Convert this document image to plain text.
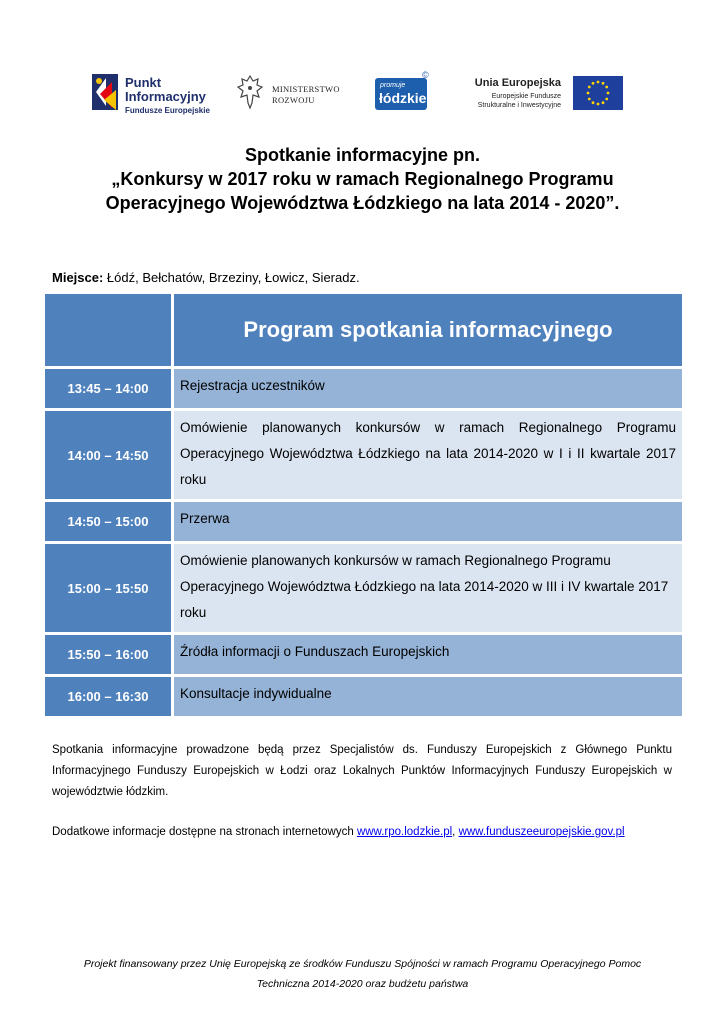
Punkt
Informacyjny
Fundusze Europejskie
MINISTERSTWO
ROZWOJU
promuje
łódzkie
©
Unia Europejska
Europejskie Fundusze
Strukturalne i Inwestycyjne
Spotkanie informacyjne pn.
„Konkursy w 2017 roku w ramach Regionalnego Programu
Operacyjnego Województwa Łódzkiego na lata 2014 - 2020”.
Miejsce: Łódź, Bełchatów, Brzeziny, Łowicz, Sieradz.
	Program spotkania informacyjnego
13:45 – 14:00	Rejestracja uczestników
14:00 – 14:50	Omówienie planowanych konkursów w ramach Regionalnego Programu Operacyjnego Województwa Łódzkiego na lata 2014-2020 w I i II kwartale 2017 roku
14:50 – 15:00	Przerwa
15:00 – 15:50	Omówienie planowanych konkursów w ramach Regionalnego Programu Operacyjnego Województwa Łódzkiego na lata 2014-2020 w III i IV kwartale 2017 roku
15:50 – 16:00	Źródła informacji o Funduszach Europejskich
16:00 – 16:30	Konsultacje indywidualne
Spotkania informacyjne prowadzone będą przez Specjalistów ds. Funduszy Europejskich z Głównego Punktu Informacyjnego Funduszy Europejskich w Łodzi oraz Lokalnych Punktów Informacyjnych Funduszy Europejskich w województwie łódzkim.
Dodatkowe informacje dostępne na stronach internetowych www.rpo.lodzkie.pl, www.funduszeeuropejskie.gov.pl
Projekt finansowany przez Unię Europejską ze środków Funduszu Spójności w ramach Programu Operacyjnego Pomoc
Techniczna 2014-2020 oraz budżetu państwa
